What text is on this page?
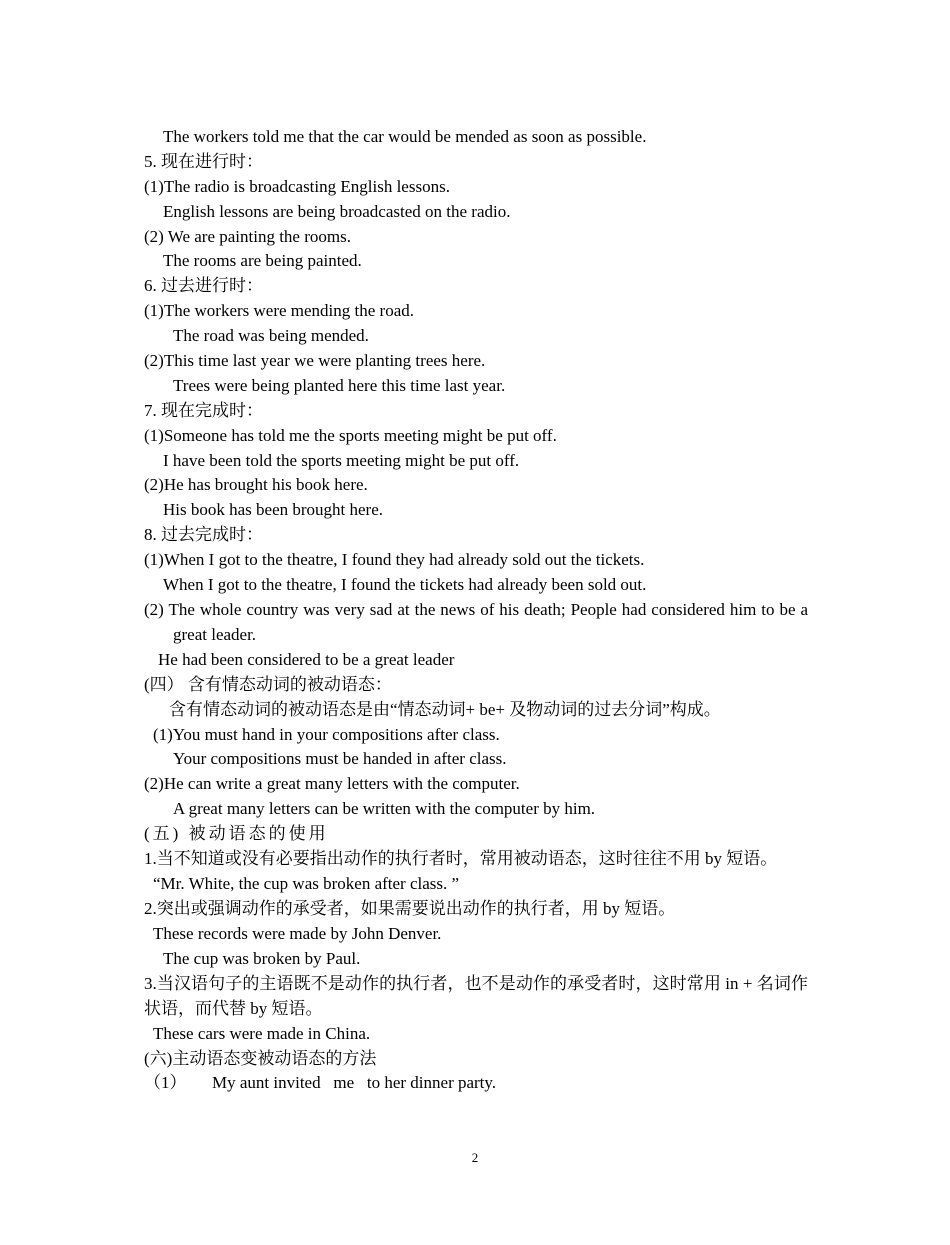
The workers told me that the car would be mended as soon as possible.
5. 现在进行时：
(1)The radio is broadcasting English lessons.
English lessons are being broadcasted on the radio.
(2) We are painting the rooms.
The rooms are being painted.
6. 过去进行时：
(1)The workers were mending the road.
The road was being mended.
(2)This time last year we were planting trees here.
Trees were being planted here this time last year.
7. 现在完成时：
(1)Someone has told me the sports meeting might be put off.
I have been told the sports meeting might be put off.
(2)He has brought his book here.
His book has been brought here.
8. 过去完成时：
(1)When I got to the theatre, I found they had already sold out the tickets.
When I got to the theatre, I found the tickets had already been sold out.
(2) The whole country was very sad at the news of his death; People had considered him to be a great leader.
He had been considered to be a great leader
(四） 含有情态动词的被动语态：
含有情态动词的被动语态是由“情态动词+ be+ 及物动词的过去分词”构成。
(1)You must hand in your compositions after class.
Your compositions must be handed in after class.
(2)He can write a great many letters with the computer.
A great many letters can be written with the computer by him.
(五) 被动语态的使用
1.当不知道或没有必要指出动作的执行者时，常用被动语态，这时往往不用 by 短语。
“Mr. White, the cup was broken after class. ”
2.突出或强调动作的承受者，如果需要说出动作的执行者，用 by 短语。
These records were made by John Denver.
The cup was broken by Paul.
3.当汉语句子的主语既不是动作的执行者，也不是动作的承受者时，这时常用 in + 名词作状语，而代替 by 短语。
These cars were made in China.
(六)主动语态变被动语态的方法
（1）      My aunt invited   me   to her dinner party.
2
